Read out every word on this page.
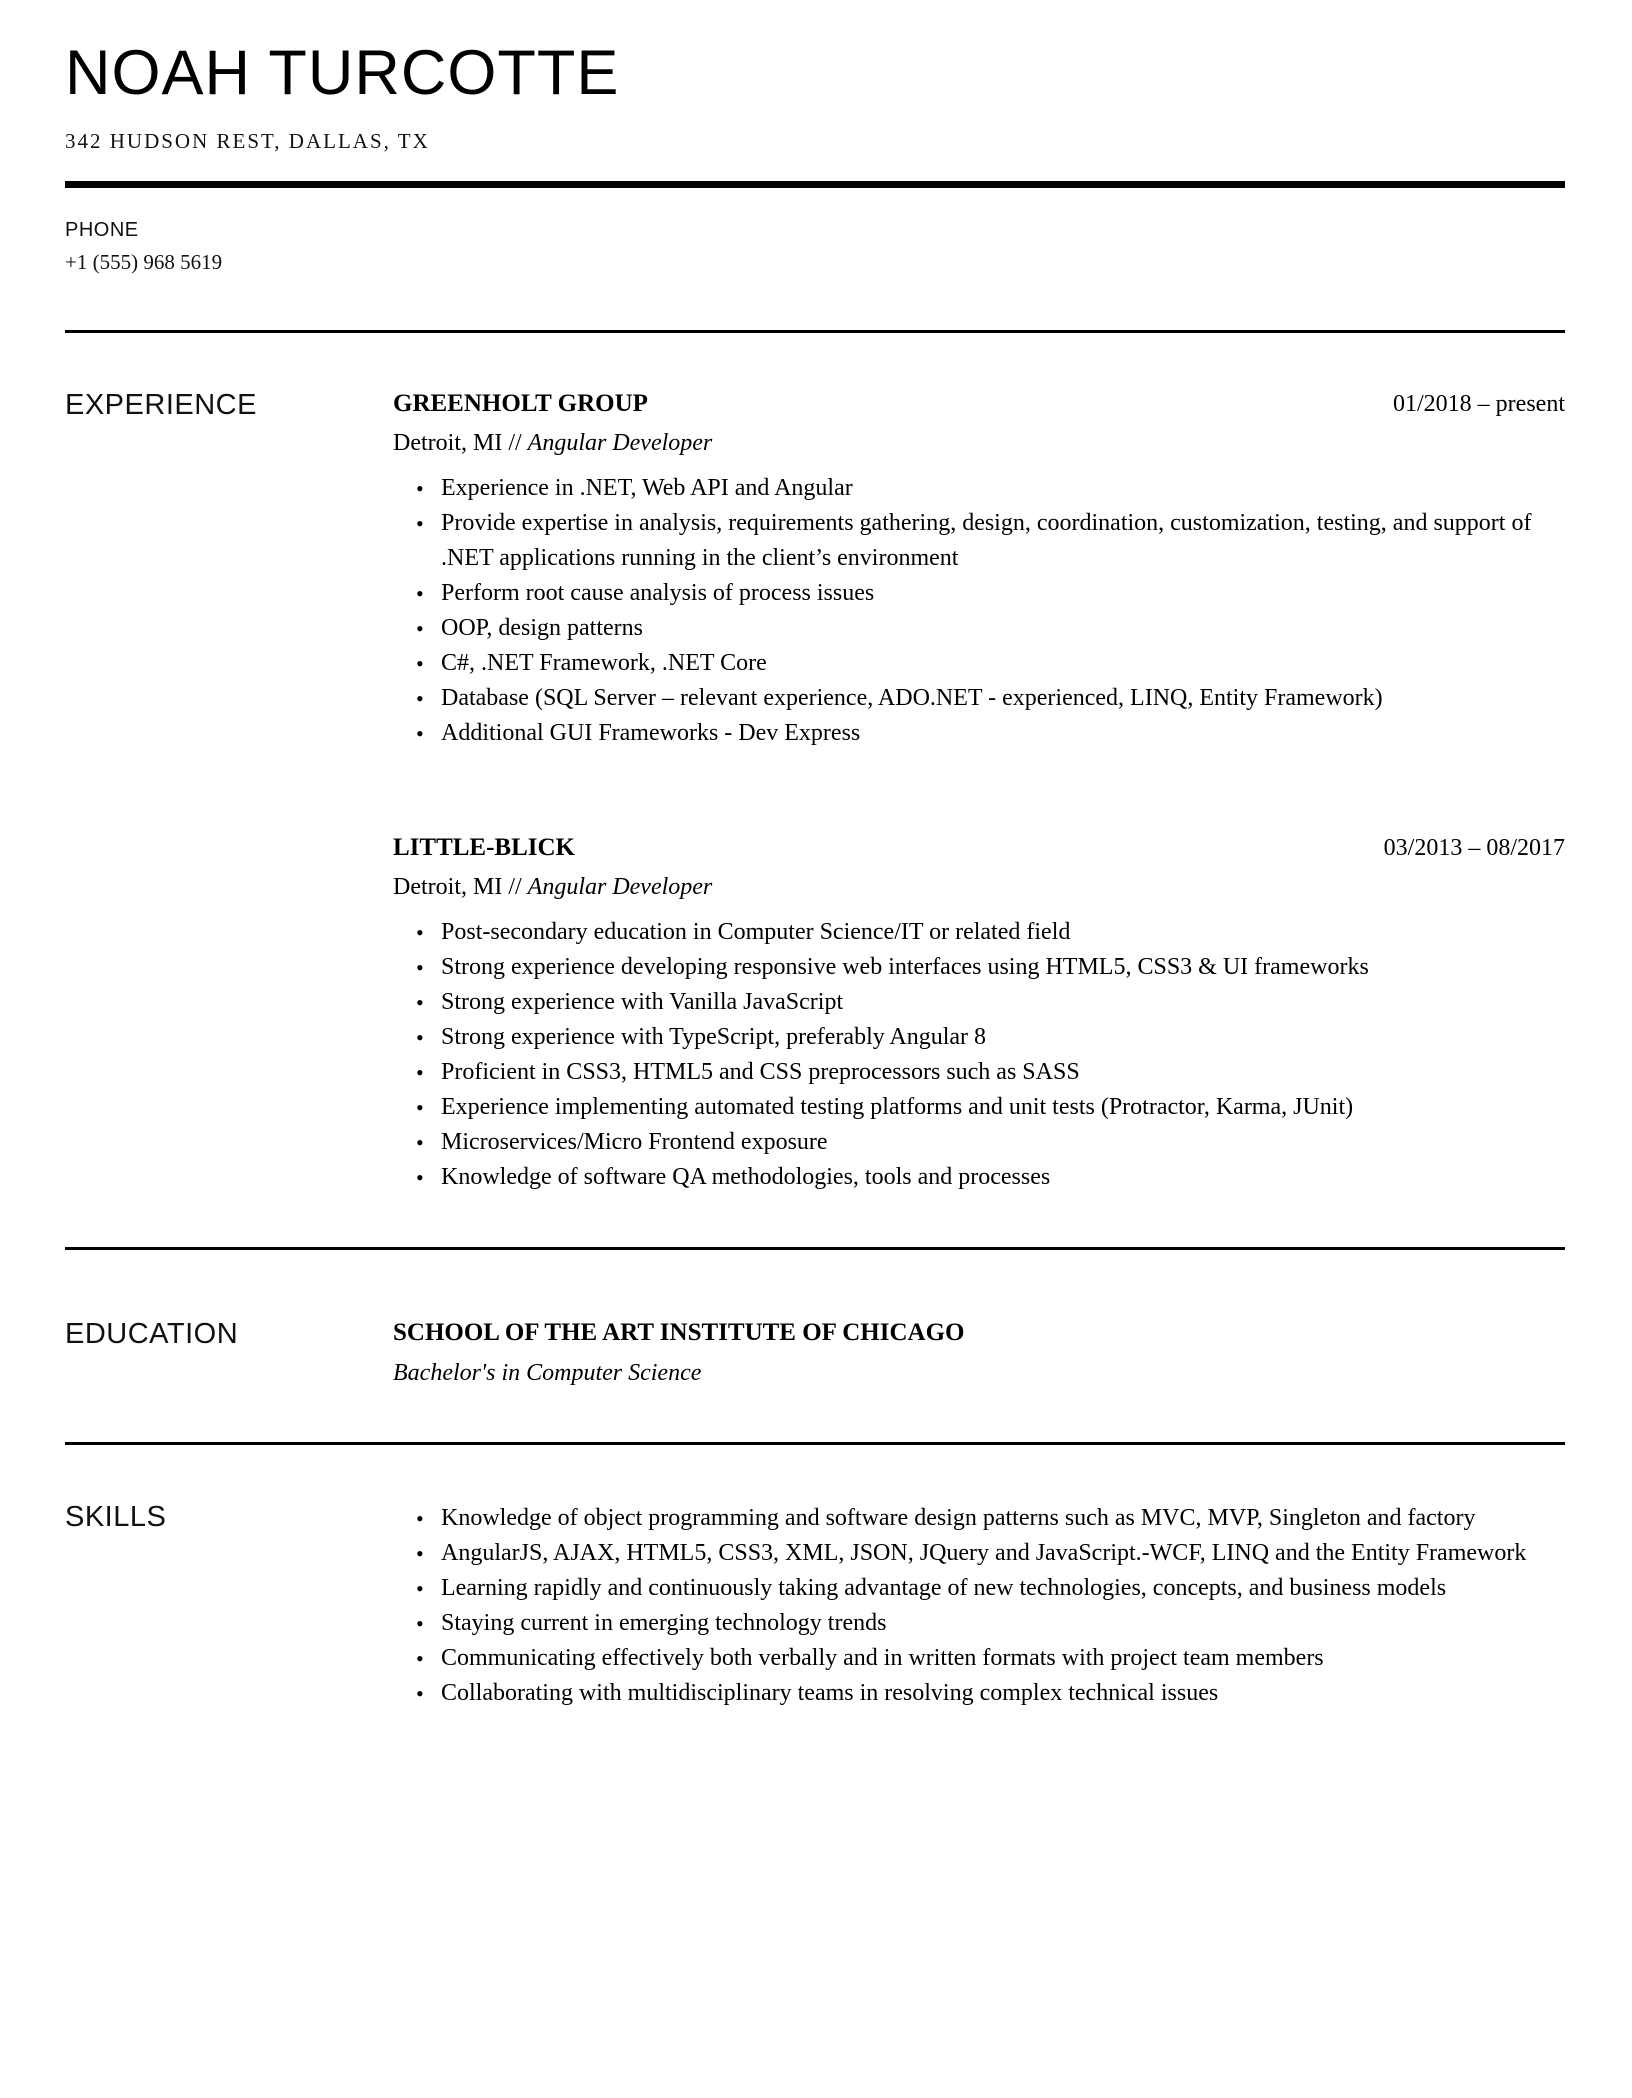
NOAH TURCOTTE
342 HUDSON REST, DALLAS, TX
PHONE
+1 (555) 968 5619
EXPERIENCE	GREENHOLT GROUP	01/2018 – present
Detroit, MI // Angular Developer
• Experience in .NET, Web API and Angular
• Provide expertise in analysis, requirements gathering, design, coordination, customization, testing, and support of .NET applications running in the client’s environment
• Perform root cause analysis of process issues
• OOP, design patterns
• C#, .NET Framework, .NET Core
• Database (SQL Server – relevant experience, ADO.NET - experienced, LINQ, Entity Framework)
• Additional GUI Frameworks - Dev Express
LITTLE-BLICK	03/2013 – 08/2017
Detroit, MI // Angular Developer
• Post-secondary education in Computer Science/IT or related field
• Strong experience developing responsive web interfaces using HTML5, CSS3 & UI frameworks
• Strong experience with Vanilla JavaScript
• Strong experience with TypeScript, preferably Angular 8
• Proficient in CSS3, HTML5 and CSS preprocessors such as SASS
• Experience implementing automated testing platforms and unit tests (Protractor, Karma, JUnit)
• Microservices/Micro Frontend exposure
• Knowledge of software QA methodologies, tools and processes
EDUCATION	SCHOOL OF THE ART INSTITUTE OF CHICAGO
Bachelor's in Computer Science
SKILLS	• Knowledge of object programming and software design patterns such as MVC, MVP, Singleton and factory
• AngularJS, AJAX, HTML5, CSS3, XML, JSON, JQuery and JavaScript.-WCF, LINQ and the Entity Framework
• Learning rapidly and continuously taking advantage of new technologies, concepts, and business models
• Staying current in emerging technology trends
• Communicating effectively both verbally and in written formats with project team members
• Collaborating with multidisciplinary teams in resolving complex technical issues
